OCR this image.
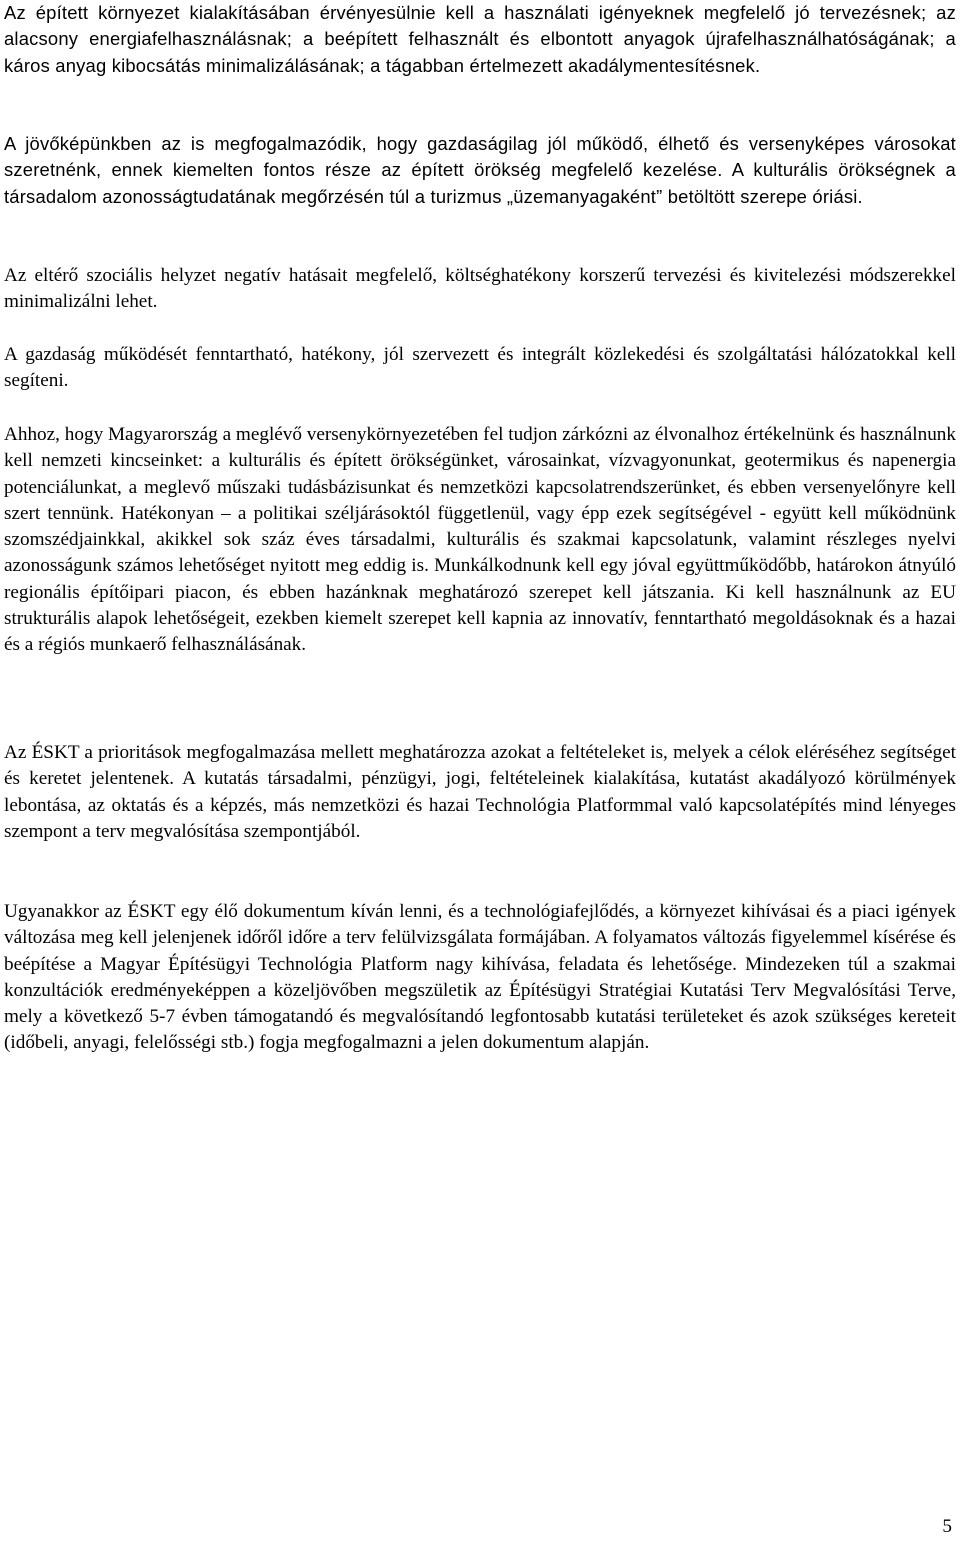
Az épített környezet kialakításában érvényesülnie kell a használati igényeknek megfelelő jó tervezésnek; az alacsony energiafelhasználásnak; a beépített felhasznált és elbontott anyagok újrafelhasználhatóságának; a káros anyag kibocsátás minimalizálásának; a tágabban értelmezett akadálymentesítésnek.

A jövőképünkben az is megfogalmazódik, hogy gazdaságilag jól működő, élhető és versenyképes városokat szeretnénk, ennek kiemelten fontos része az épített örökség megfelelő kezelése. A kulturális örökségnek a társadalom azonosságtudatának megőrzésén túl a turizmus „üzemanyagaként” betöltött szerepe óriási.

Az eltérő szociális helyzet negatív hatásait megfelelő, költséghatékony korszerű tervezési és kivitelezési módszerekkel minimalizálni lehet.

A gazdaság működését fenntartható, hatékony, jól szervezett és integrált közlekedési és szolgáltatási hálózatokkal kell segíteni.

Ahhoz, hogy Magyarország a meglévő versenykörnyezetében fel tudjon zárkózni az élvonalhoz értékelnünk és használnunk kell nemzeti kincseinket: a kulturális és épített örökségünket, városainkat, vízvagyonunkat, geotermikus és napenergia potenciálunkat, a meglevő műszaki tudásbázisunkat és nemzetközi kapcsolatrendszerünket, és ebben versenyelőnyre kell szert tennünk. Hatékonyan – a politikai széljárásoktól függetlenül, vagy épp ezek segítségével - együtt kell működnünk szomszédjainkkal, akikkel sok száz éves társadalmi, kulturális és szakmai kapcsolatunk, valamint részleges nyelvi azonosságunk számos lehetőséget nyitott meg eddig is. Munkálkodnunk kell egy jóval együttműködőbb, határokon átnyúló regionális építőipari piacon, és ebben hazánknak meghatározó szerepet kell játszania. Ki kell használnunk az EU strukturális alapok lehetőségeit, ezekben kiemelt szerepet kell kapnia az innovatív, fenntartható megoldásoknak és a hazai és a régiós munkaerő felhasználásának.

Az ÉSKT a prioritások megfogalmazása mellett meghatározza azokat a feltételeket is, melyek a célok eléréséhez segítséget és keretet jelentenek. A kutatás társadalmi, pénzügyi, jogi, feltételeinek kialakítása, kutatást akadályozó körülmények lebontása, az oktatás és a képzés, más nemzetközi és hazai Technológia Platformmal való kapcsolatépítés mind lényeges szempont a terv megvalósítása szempontjából.

Ugyanakkor az ÉSKT egy élő dokumentum kíván lenni, és a technológiafejlődés, a környezet kihívásai és a piaci igények változása meg kell jelenjenek időről időre a terv felülvizsgálata formájában. A folyamatos változás figyelemmel kísérése és beépítése a Magyar Építésügyi Technológia Platform nagy kihívása, feladata és lehetősége. Mindezeken túl a szakmai konzultációk eredményeképpen a közeljövőben megszületik az Építésügyi Stratégiai Kutatási Terv Megvalósítási Terve, mely a következő 5-7 évben támogatandó és megvalósítandó legfontosabb kutatási területeket és azok szükséges kereteit (időbeli, anyagi, felelősségi stb.) fogja megfogalmazni a jelen dokumentum alapján.

5
